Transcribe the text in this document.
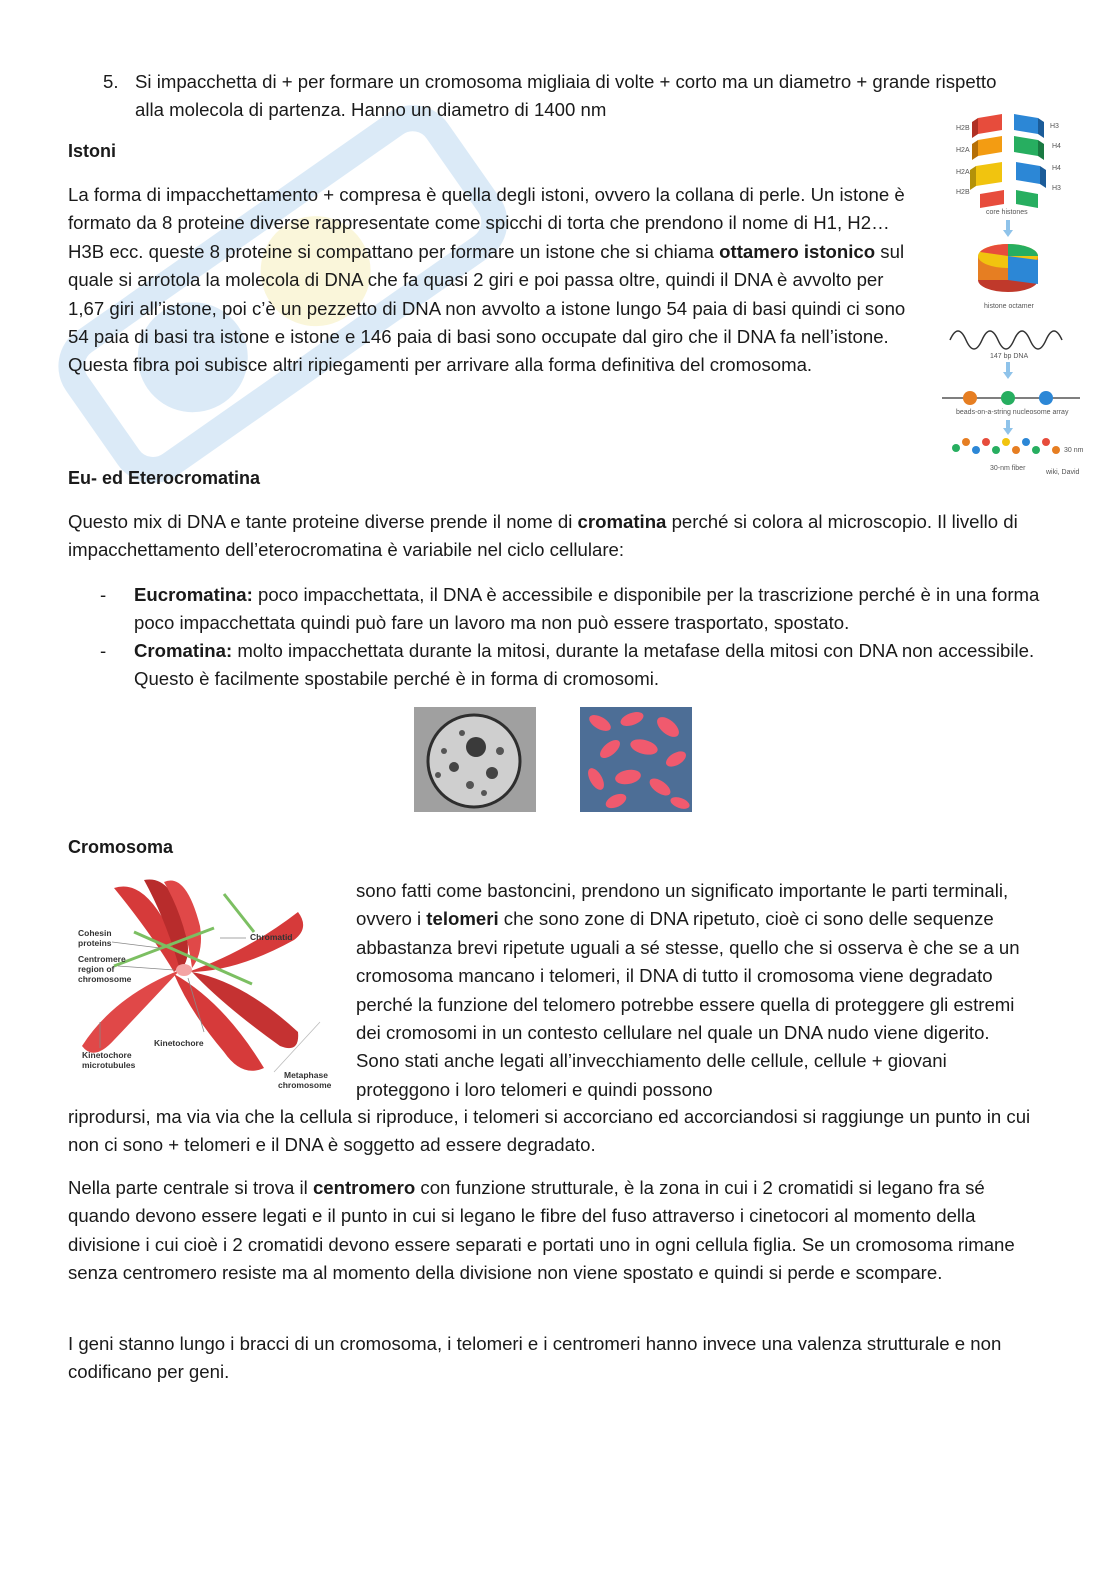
5. Si impacchetta di + per formare un cromosoma migliaia di volte + corto ma un diametro + grande rispetto alla molecola di partenza. Hanno un diametro di 1400 nm
Istoni

La forma di impacchettamento + compresa è quella degli istoni, ovvero la collana di perle. Un istone è formato da 8 proteine diverse rappresentate come spicchi di torta che prendono il nome di H1, H2… H3B ecc. queste 8 proteine si compattano per formare un istone che si chiama ottamero istonico sul quale si arrotola la molecola di DNA che fa quasi 2 giri e poi passa oltre, quindi il DNA è avvolto per 1,67 giri all’istone, poi c’è un pezzetto di DNA non avvolto a istone lungo 54 paia di basi quindi ci sono 54 paia di basi tra istone e istone e 146 paia di basi sono occupate dal giro che il DNA fa nell’istone. Questa fibra poi subisce altri ripiegamenti per arrivare alla forma definitiva del cromosoma.

H2B
H2A
H2A
H2B
H3
H4
H4
H3
core histones
histone octamer
147 bp DNA
beads-on-a-string nucleosome array
30 nm
30-nm fiber
wiki, David
Eu- ed Eterocromatina

Questo mix di DNA e tante proteine diverse prende il nome di cromatina perché si colora al microscopio. Il livello di impacchettamento dell’eterocromatina è variabile nel ciclo cellulare:

-	Eucromatina: poco impacchettata, il DNA è accessibile e disponibile per la trascrizione perché è in una forma poco impacchettata quindi può fare un lavoro ma non può essere trasportato, spostato.
-	Cromatina: molto impacchettata durante la mitosi, durante la metafase della mitosi con DNA non accessibile. Questo è facilmente spostabile perché è in forma di cromosomi.
Cromosoma
Cohesin
proteins
Centromere
region of
chromosome
Chromatid
Kinetochore
Kinetochore
microtubules
Metaphase
chromosome

sono fatti come bastoncini, prendono un significato importante le parti terminali, ovvero i telomeri che sono zone di DNA ripetuto, cioè ci sono delle sequenze abbastanza brevi ripetute uguali a sé stesse, quello che si osserva è che se a un cromosoma mancano i telomeri, il DNA di tutto il cromosoma viene degradato perché la funzione del telomero potrebbe essere quella di proteggere gli estremi dei cromosomi in un contesto cellulare nel quale un DNA nudo viene digerito. Sono stati anche legati all’invecchiamento delle cellule, cellule + giovani proteggono i loro telomeri e quindi possono

riprodursi, ma via via che la cellula si riproduce, i telomeri si accorciano ed accorciandosi si raggiunge un punto in cui non ci sono + telomeri e il DNA è soggetto ad essere degradato.

Nella parte centrale si trova il centromero con funzione strutturale, è la zona in cui i 2 cromatidi si legano fra sé quando devono essere legati e il punto in cui si legano le fibre del fuso attraverso i cinetocori al momento della divisione i cui cioè i 2 cromatidi devono essere separati e portati uno in ogni cellula figlia. Se un cromosoma rimane senza centromero resiste ma al momento della divisione non viene spostato e quindi si perde e scompare.

I geni stanno lungo i bracci di un cromosoma, i telomeri e i centromeri hanno invece una valenza strutturale e non codificano per geni.
